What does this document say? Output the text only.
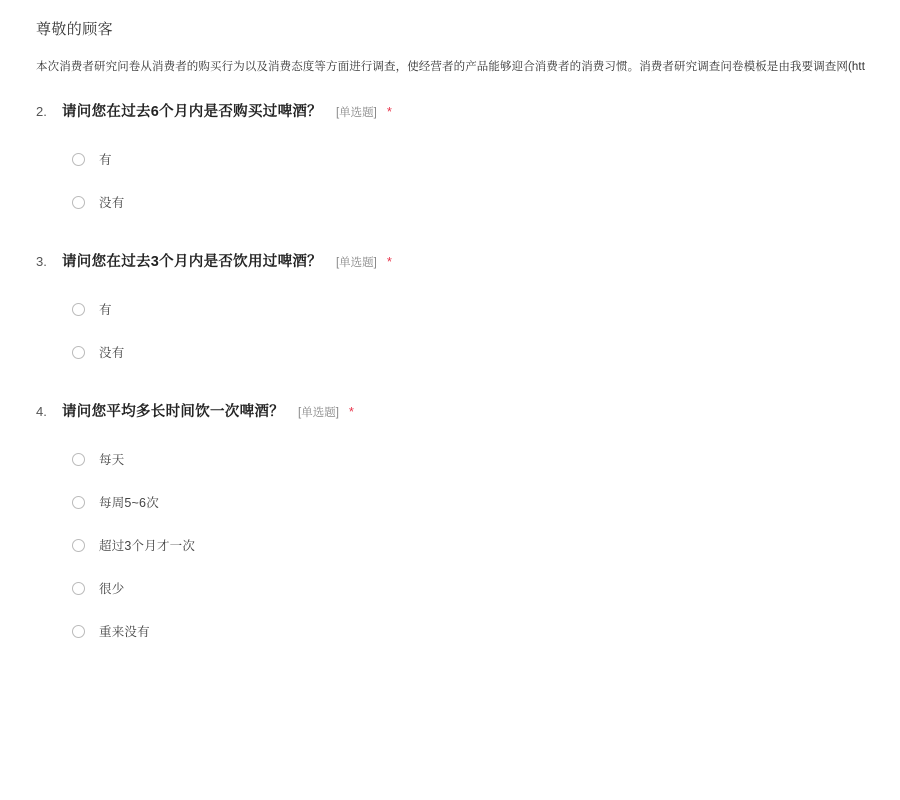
尊敬的顾客
本次消费者研究问卷从消费者的购买行为以及消费态度等方面进行调查，使经营者的产品能够迎合消费者的消费习惯。消费者研究调查问卷模板是由我要调查网(htt
2.	请问您在过去6个月内是否购买过啤酒？ [单选题] *
有
没有
3.	请问您在过去3个月内是否饮用过啤酒？ [单选题] *
有
没有
4.	请问您平均多长时间饮一次啤酒？ [单选题] *
每天
每周5~6次
超过3个月才一次
很少
重来没有
